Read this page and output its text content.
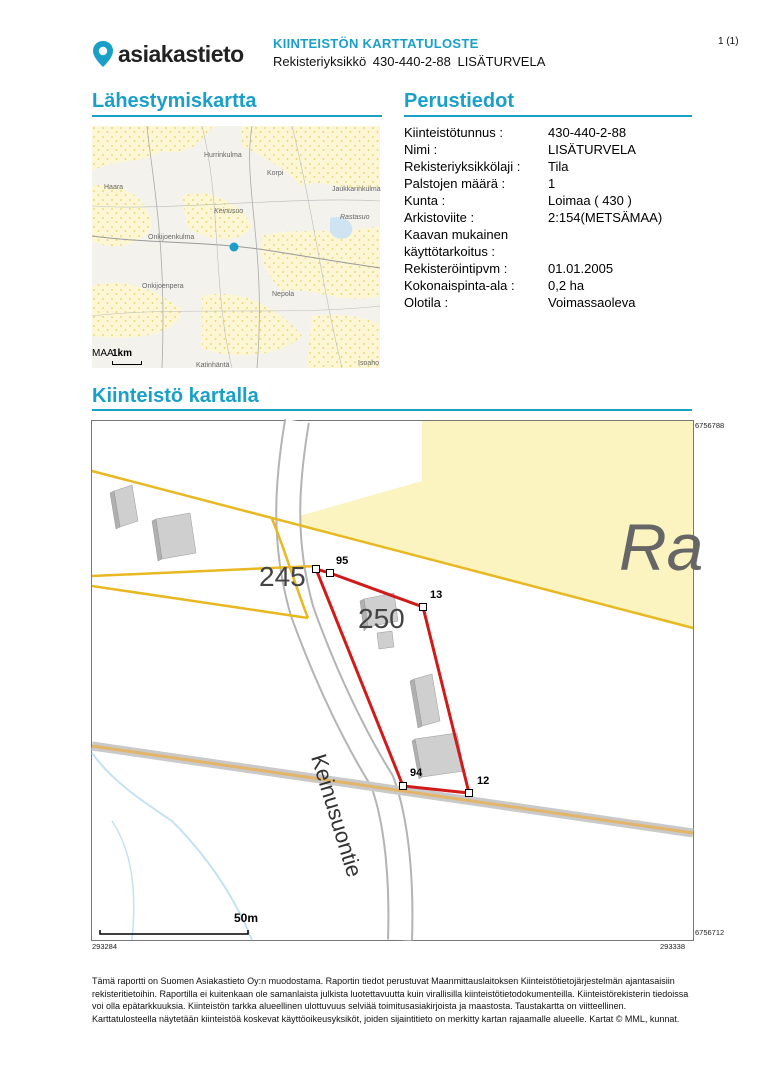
asiakastieto KIINTEISTÖN KARTTATULOSTE
Rekisteriyksikkö 430-440-2-88 LISÄTURVELA
1 (1)
Lähestymiskartta	Perustiedot
Kiinteistötunnus :	430-440-2-88
Nimi :	LISÄTURVELA
Rekisteriyksikkölaji :	Tila
Palstojen määrä :	1
Kunta :	Loimaa ( 430 )
Arkistoviite :	2:154(METSÄMAA)
Kaavan mukainen	
käyttötarkoitus :	
Rekisteröintipvm :	01.01.2005
Kokonaispinta-ala :	0,2 ha
Olotila :	Voimassaoleva
Hurrinkulma
Korpi
Haara	Jaukkarinkulma
Keinusuo
Rastasuo
Onkijoenkulma
Onkijoenpera
Nepola
Katinhäntä	Isoaho
MAA
1km
Kiinteistö kartalla
245
250
Ra
Keinusuontie
95
13
94
12
50m
6756788
6756712
293284	293338
Tämä raportti on Suomen Asiakastieto Oy:n muodostama. Raportin tiedot perustuvat Maanmittauslaitoksen Kiinteistötietojärjestelmän ajantasaisiin rekisteritietoihin. Raportilla ei kuitenkaan ole samanlaista julkista luotettavuutta kuin virallisilla kiinteistötietodokumenteilla. Kiinteistörekisterin tiedoissa voi olla epätarkkuuksia. Kiinteistön tarkka alueellinen ulottuvuus selviää toimitusasiakirjoista ja maastosta. Taustakartta on viitteellinen. Karttatulosteella näytetään kiinteistöä koskevat käyttöoikeusyksiköt, joiden sijaintitieto on merkitty kartan rajaamalle alueelle. Kartat © MML, kunnat.
